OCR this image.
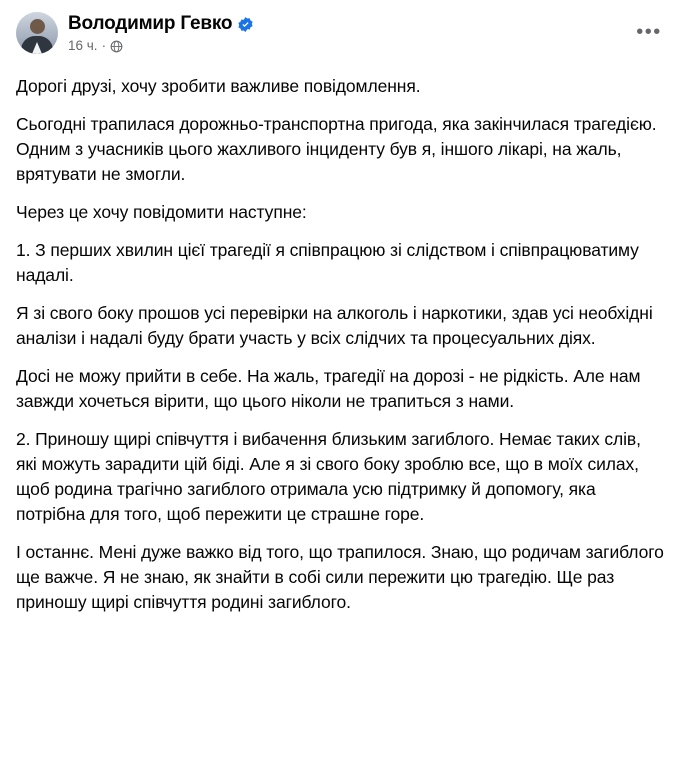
Володимир Гевко
16 ч. ·
•••

Дорогі друзі, хочу зробити важливе повідомлення.

Сьогодні трапилася дорожньо-транспортна пригода, яка закінчилася трагедією. Одним з учасників цього жахливого інциденту був я, іншого лікарі, на жаль, врятувати не змогли.

Через це хочу повідомити наступне:

1. З перших хвилин цієї трагедії я співпрацюю зі слідством і співпрацюватиму надалі.

Я зі свого боку прошов усі перевірки на алкоголь і наркотики, здав усі необхідні аналізи і надалі буду брати участь у всіх слідчих та процесуальних діях.

Досі не можу прийти в себе. На жаль, трагедії на дорозі - не рідкість. Але нам завжди хочеться вірити, що цього ніколи не трапиться з нами.

2. Приношу щирі співчуття і вибачення близьким загиблого. Немає таких слів, які можуть зарадити цій біді. Але я зі свого боку зроблю все, що в моїх силах, щоб родина трагічно загиблого отримала усю підтримку й допомогу, яка потрібна для того, щоб пережити це страшне горе.

І останнє. Мені дуже важко від того, що трапилося. Знаю, що родичам загиблого ще важче. Я не знаю, як знайти в собі сили пережити цю трагедію. Ще раз приношу щирі співчуття родині загиблого.
